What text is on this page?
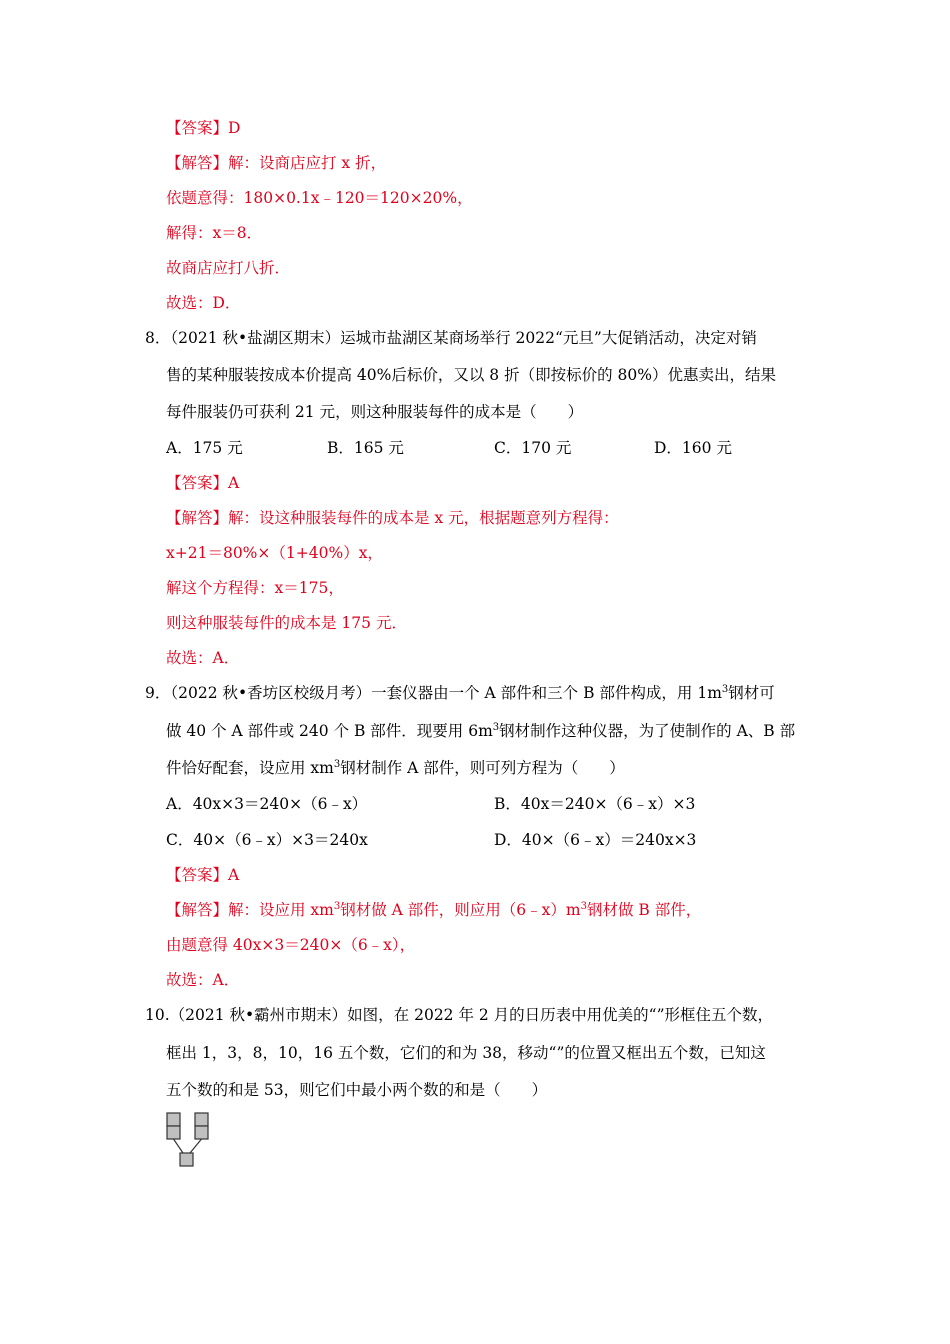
【答案】D
【解答】解：设商店应打 x 折，
依题意得：180×0.1x﹣120＝120×20%，
解得：x＝8．
故商店应打八折．
故选：D．
8．（2021 秋•盐湖区期末）运城市盐湖区某商场举行 2022“元旦”大促销活动，决定对销
售的某种服装按成本价提高 40%后标价，又以 8 折（即按标价的 80%）优惠卖出，结果
每件服装仍可获利 21 元，则这种服装每件的成本是（　　）
A．175 元	B．165 元	C．170 元	D．160 元
【答案】A
【解答】解：设这种服装每件的成本是 x 元，根据题意列方程得：
x+21＝80%×（1+40%）x，
解这个方程得：x＝175，
则这种服装每件的成本是 175 元．
故选：A．
9．（2022 秋•香坊区校级月考）一套仪器由一个 A 部件和三个 B 部件构成，用 $1m^3$钢材可
做 40 个 A 部件或 240 个 B 部件．现要用 $6m^3$钢材制作这种仪器，为了使制作的 A、B 部
件恰好配套，设应用 $xm^3$钢材制作 A 部件，则可列方程为（　　）
A．40x×3＝240×（6﹣x）	B．40x＝240×（6﹣x）×3
C．40×（6﹣x）×3＝240x	D．40×（6﹣x）＝240x×3
【答案】A
【解答】解：设应用 $xm^3$钢材做 A 部件，则应用$(6﹣x)m^3$钢材做 B 部件，
由题意得 40x×3＝240×（6﹣x），
故选：A．
10.（2021 秋•霸州市期末）如图，在 2022 年 2 月的日历表中用优美的“”形框住五个数，
框出 1，3，8，10，16 五个数，它们的和为 38，移动“”的位置又框出五个数，已知这
五个数的和是 53，则它们中最小两个数的和是（　　）
